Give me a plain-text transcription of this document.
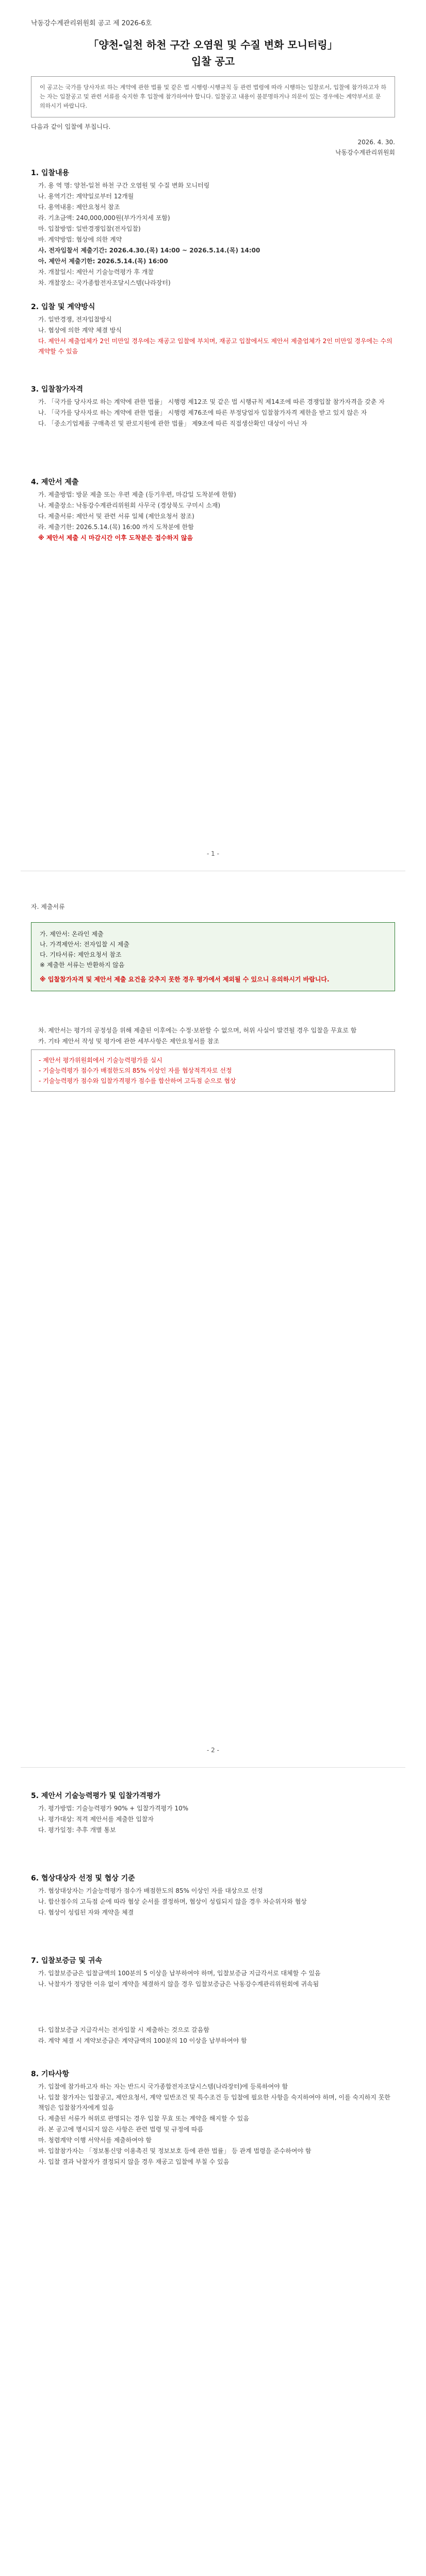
낙동강수계관리위원회 공고 제 2026-6호
「양천-일천 하천 구간 오염원 및 수질 변화 모니터링」
입찰 공고
이 공고는 국가를 당사자로 하는 계약에 관한 법률 및 같은 법 시행령·시행규칙 등 관련 법령에 따라 시행하는 입찰로서, 입찰에 참가하고자 하는 자는 입찰공고 및 관련 서류를 숙지한 후 입찰에 참가하여야 합니다. 입찰공고 내용이 불분명하거나 의문이 있는 경우에는 계약부서로 문의하시기 바랍니다.
다음과 같이 입찰에 부칩니다.
2026. 4. 30.
낙동강수계관리위원회
1. 입찰내용
가. 용 역 명: 양천-일천 하천 구간 오염원 및 수질 변화 모니터링
나. 용역기간: 계약일로부터 12개월
다. 용역내용: 제안요청서 참조
라. 기초금액: 240,000,000원(부가가치세 포함)
마. 입찰방법: 일반경쟁입찰(전자입찰)
바. 계약방법: 협상에 의한 계약
사. 전자입찰서 제출기간: 2026.4.30.(목) 14:00 ~ 2026.5.14.(목) 14:00
아. 제안서 제출기한: 2026.5.14.(목) 16:00
자. 개찰일시: 제안서 기술능력평가 후 개찰
차. 개찰장소: 국가종합전자조달시스템(나라장터)
2. 입찰 및 계약방식
가. 일반경쟁, 전자입찰방식
나. 협상에 의한 계약 체결 방식
다. 제안서 제출업체가 2인 미만일 경우에는 재공고 입찰에 부치며, 재공고 입찰에서도 제안서 제출업체가 2인 미만일 경우에는 수의계약할 수 있음
3. 입찰참가자격
가. 「국가를 당사자로 하는 계약에 관한 법률」 시행령 제12조 및 같은 법 시행규칙 제14조에 따른 경쟁입찰 참가자격을 갖춘 자
나. 「국가를 당사자로 하는 계약에 관한 법률」 시행령 제76조에 따른 부정당업자 입찰참가자격 제한을 받고 있지 않은 자
다. 「중소기업제품 구매촉진 및 판로지원에 관한 법률」 제9조에 따른 직접생산확인 대상이 아닌 자
4. 제안서 제출
가. 제출방법: 방문 제출 또는 우편 제출 (등기우편, 마감일 도착분에 한함)
나. 제출장소: 낙동강수계관리위원회 사무국 (경상북도 구미시 소재)
다. 제출서류: 제안서 및 관련 서류 일체 (제안요청서 참조)
라. 제출기한: 2026.5.14.(목) 16:00 까지 도착분에 한함
※ 제안서 제출 시 마감시간 이후 도착분은 접수하지 않음
- 1 -
자. 제출서류
가. 제안서: 온라인 제출
나. 가격제안서: 전자입찰 시 제출
다. 기타서류: 제안요청서 참조
※ 제출한 서류는 반환하지 않음
※ 입찰참가자격 및 제안서 제출 요건을 갖추지 못한 경우 평가에서 제외될 수 있으니 유의하시기 바랍니다.
차. 제안서는 평가의 공정성을 위해 제출된 이후에는 수정·보완할 수 없으며, 허위 사실이 발견될 경우 입찰을 무효로 함
카. 기타 제안서 작성 및 평가에 관한 세부사항은 제안요청서를 참조
- 제안서 평가위원회에서 기술능력평가를 실시
- 기술능력평가 점수가 배점한도의 85% 이상인 자를 협상적격자로 선정
- 기술능력평가 점수와 입찰가격평가 점수를 합산하여 고득점 순으로 협상
- 2 -
5. 제안서 기술능력평가 및 입찰가격평가
가. 평가방법: 기술능력평가 90% + 입찰가격평가 10%
나. 평가대상: 적격 제안서를 제출한 입찰자
다. 평가일정: 추후 개별 통보
6. 협상대상자 선정 및 협상 기준
가. 협상대상자는 기술능력평가 점수가 배점한도의 85% 이상인 자를 대상으로 선정
나. 합산점수의 고득점 순에 따라 협상 순서를 결정하며, 협상이 성립되지 않을 경우 차순위자와 협상
다. 협상이 성립된 자와 계약을 체결
7. 입찰보증금 및 귀속
가. 입찰보증금은 입찰금액의 100분의 5 이상을 납부하여야 하며, 입찰보증금 지급각서로 대체할 수 있음
나. 낙찰자가 정당한 이유 없이 계약을 체결하지 않을 경우 입찰보증금은 낙동강수계관리위원회에 귀속됨
다. 입찰보증금 지급각서는 전자입찰 시 제출하는 것으로 갈음함
라. 계약 체결 시 계약보증금은 계약금액의 100분의 10 이상을 납부하여야 함
8. 기타사항
가. 입찰에 참가하고자 하는 자는 반드시 국가종합전자조달시스템(나라장터)에 등록하여야 함
나. 입찰 참가자는 입찰공고, 제안요청서, 계약 일반조건 및 특수조건 등 입찰에 필요한 사항을 숙지하여야 하며, 이를 숙지하지 못한 책임은 입찰참가자에게 있음
다. 제출된 서류가 허위로 판명되는 경우 입찰 무효 또는 계약을 해지할 수 있음
라. 본 공고에 명시되지 않은 사항은 관련 법령 및 규정에 따름
마. 청렴계약 이행 서약서를 제출하여야 함
바. 입찰참가자는 「정보통신망 이용촉진 및 정보보호 등에 관한 법률」 등 관계 법령을 준수하여야 함
사. 입찰 결과 낙찰자가 결정되지 않을 경우 재공고 입찰에 부칠 수 있음
